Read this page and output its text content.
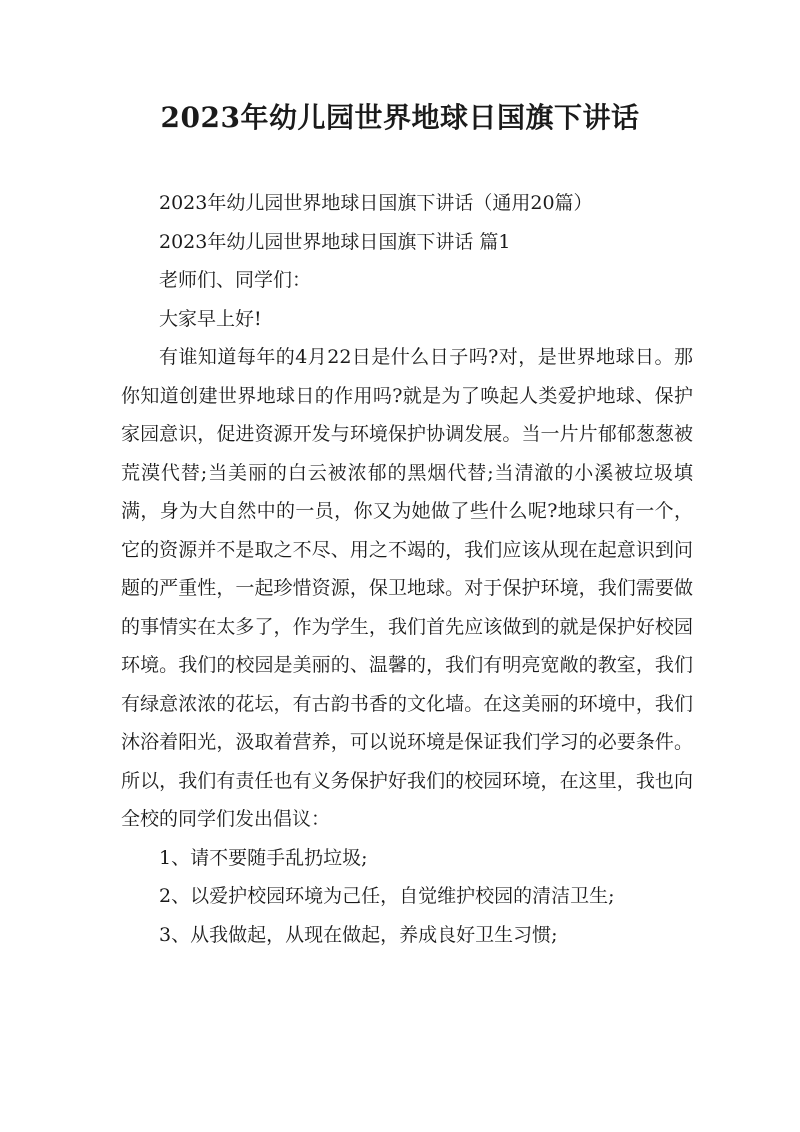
2023年幼儿园世界地球日国旗下讲话

2023年幼儿园世界地球日国旗下讲话（通用20篇）

2023年幼儿园世界地球日国旗下讲话 篇1

老师们、同学们：

大家早上好!

有谁知道每年的4月22日是什么日子吗?对，是世界地球日。那你知道创建世界地球日的作用吗?就是为了唤起人类爱护地球、保护家园意识，促进资源开发与环境保护协调发展。当一片片郁郁葱葱被荒漠代替;当美丽的白云被浓郁的黑烟代替;当清澈的小溪被垃圾填满，身为大自然中的一员，你又为她做了些什么呢?地球只有一个，它的资源并不是取之不尽、用之不竭的，我们应该从现在起意识到问题的严重性，一起珍惜资源，保卫地球。对于保护环境，我们需要做的事情实在太多了，作为学生，我们首先应该做到的就是保护好校园环境。我们的校园是美丽的、温馨的，我们有明亮宽敞的教室，我们有绿意浓浓的花坛，有古韵书香的文化墙。在这美丽的环境中，我们沐浴着阳光，汲取着营养，可以说环境是保证我们学习的必要条件。所以，我们有责任也有义务保护好我们的校园环境，在这里，我也向全校的同学们发出倡议：

1、请不要随手乱扔垃圾;

2、以爱护校园环境为己任，自觉维护校园的清洁卫生;

3、从我做起，从现在做起，养成良好卫生习惯;
